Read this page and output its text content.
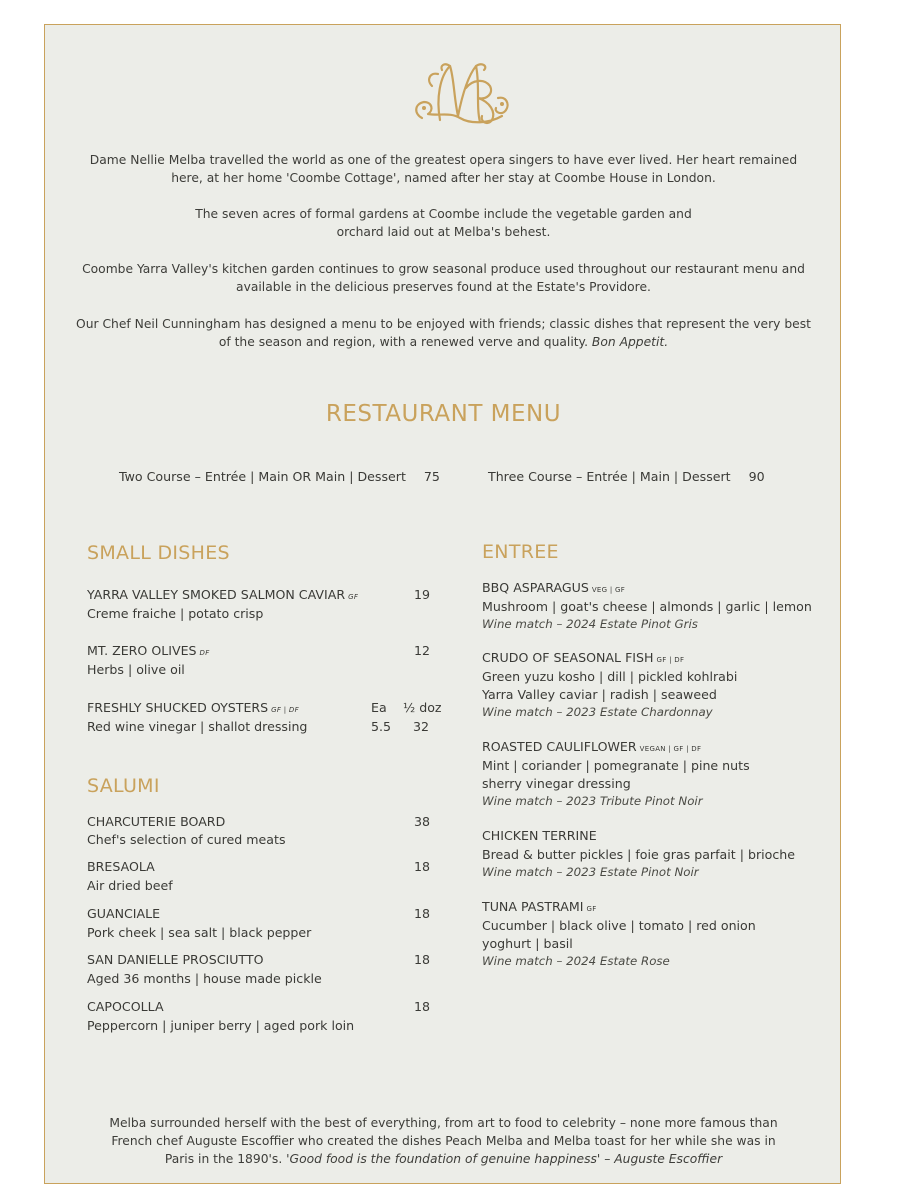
Dame Nellie Melba travelled the world as one of the greatest opera singers to have ever lived. Her heart remained
here, at her home 'Coombe Cottage', named after her stay at Coombe House in London.

The seven acres of formal gardens at Coombe include the vegetable garden and
orchard laid out at Melba's behest.

Coombe Yarra Valley's kitchen garden continues to grow seasonal produce used throughout our restaurant menu and
available in the delicious preserves found at the Estate's Providore.

Our Chef Neil Cunningham has designed a menu to be enjoyed with friends; classic dishes that represent the very best
of the season and region, with a renewed verve and quality. Bon Appetit.

RESTAURANT MENU
Two Course – Entrée | Main OR Main | Dessert 75	Three Course – Entrée | Main | Dessert 90
SMALL DISHES
YARRA VALLEY SMOKED SALMON CAVIAR GF	19
Creme fraiche | potato crisp
MT. ZERO OLIVES DF	12
Herbs | olive oil
FRESHLY SHUCKED OYSTERS GF | DF	Ea ½ doz
Red wine vinegar | shallot dressing	5.5 32
SALUMI
CHARCUTERIE BOARD	38
Chef's selection of cured meats
BRESAOLA	18
Air dried beef
GUANCIALE	18
Pork cheek | sea salt | black pepper
SAN DANIELLE PROSCIUTTO	18
Aged 36 months | house made pickle
CAPOCOLLA	18
Peppercorn | juniper berry | aged pork loin
ENTREE
BBQ ASPARAGUS VEG | GF
Mushroom | goat's cheese | almonds | garlic | lemon
Wine match – 2024 Estate Pinot Gris
CRUDO OF SEASONAL FISH GF | DF
Green yuzu kosho | dill | pickled kohlrabi
Yarra Valley caviar | radish | seaweed
Wine match – 2023 Estate Chardonnay
ROASTED CAULIFLOWER VEGAN | GF | DF
Mint | coriander | pomegranate | pine nuts
sherry vinegar dressing
Wine match – 2023 Tribute Pinot Noir
CHICKEN TERRINE
Bread & butter pickles | foie gras parfait | brioche
Wine match – 2023 Estate Pinot Noir
TUNA PASTRAMI GF
Cucumber | black olive | tomato | red onion
yoghurt | basil
Wine match – 2024 Estate Rose

Melba surrounded herself with the best of everything, from art to food to celebrity – none more famous than
French chef Auguste Escoffier who created the dishes Peach Melba and Melba toast for her while she was in
Paris in the 1890's. 'Good food is the foundation of genuine happiness' – Auguste Escoffier
